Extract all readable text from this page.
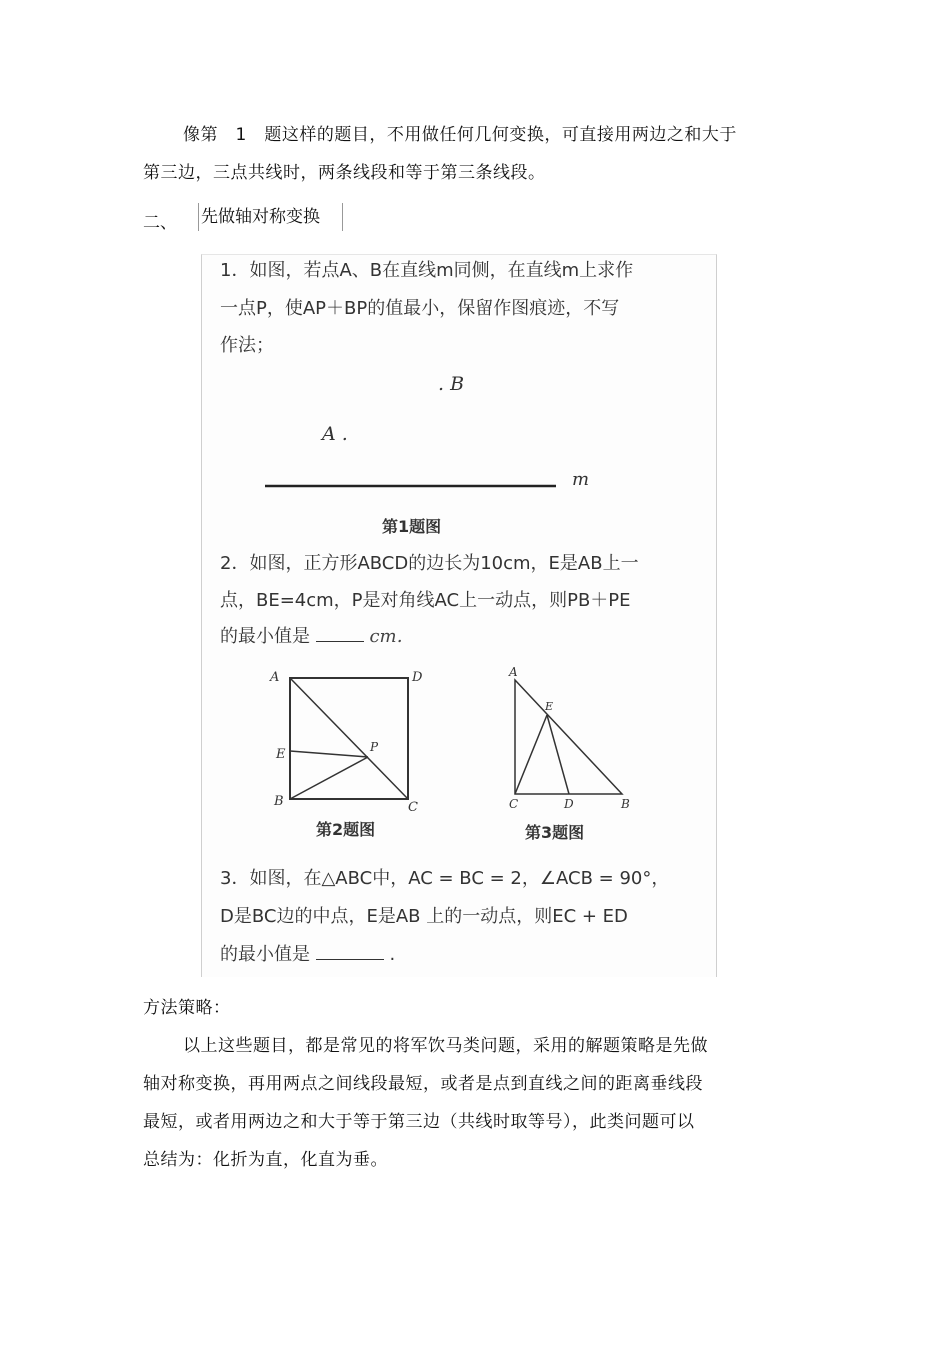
像第　1　题这样的题目，不用做任何几何变换，可直接用两边之和大于
第三边，三点共线时，两条线段和等于第三条线段。
二、 先做轴对称变换
1．如图，若点A、B在直线m同侧，在直线m上求作
一点P，使AP＋BP的值最小，保留作图痕迹，不写
作法；
. B
A .
m
第1题图
2．如图，正方形ABCD的边长为10cm，E是AB上一
点，BE=4cm，P是对角线AC上一动点，则PB＋PE
的最小值是	cm．
A	D
E	P
B	C
第2题图
A
E
C	D	B
第3题图
3．如图，在△ABC中，AC = BC = 2，∠ACB = 90°，
D是BC边的中点，E是AB 上的一动点，则EC + ED
的最小值是	.
方法策略：
以上这些题目，都是常见的将军饮马类问题，采用的解题策略是先做
轴对称变换，再用两点之间线段最短，或者是点到直线之间的距离垂线段
最短，或者用两边之和大于等于第三边（共线时取等号），此类问题可以
总结为：化折为直，化直为垂。
